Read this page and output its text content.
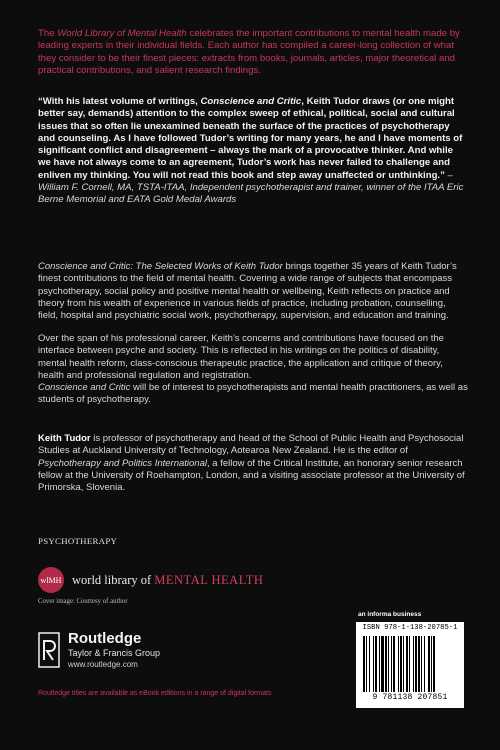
The World Library of Mental Health celebrates the important contributions to mental health made by leading experts in their individual fields. Each author has compiled a career-long collection of what they consider to be their finest pieces: extracts from books, journals, articles, major theoretical and practical contributions, and salient research findings.
“With his latest volume of writings, Conscience and Critic, Keith Tudor draws (or one might better say, demands) attention to the complex sweep of ethical, political, social and cultural issues that so often lie unexamined beneath the surface of the practices of psychotherapy and counseling. As I have followed Tudor’s writing for many years, he and I have moments of significant conflict and disagreement – always the mark of a provocative thinker. And while we have not always come to an agreement, Tudor’s work has never failed to challenge and enliven my thinking. You will not read this book and step away unaffected or unthinking.” – William F. Cornell, MA, TSTA-ITAA, Independent psychotherapist and trainer, winner of the ITAA Eric Berne Memorial and EATA Gold Medal Awards
Conscience and Critic: The Selected Works of Keith Tudor brings together 35 years of Keith Tudor’s finest contributions to the field of mental health. Covering a wide range of subjects that encompass psychotherapy, social policy and positive mental health or wellbeing, Keith reflects on practice and theory from his wealth of experience in various fields of practice, including probation, counselling, field, hospital and psychiatric social work, psychotherapy, supervision, and education and training.
Over the span of his professional career, Keith’s concerns and contributions have focused on the interface between psyche and society. This is reflected in his writings on the politics of disability, mental health reform, class-conscious therapeutic practice, the application and critique of theory, health and professional regulation and registration.
Conscience and Critic will be of interest to psychotherapists and mental health practitioners, as well as students of psychotherapy.
Keith Tudor is professor of psychotherapy and head of the School of Public Health and Psychosocial Studies at Auckland University of Technology, Aotearoa New Zealand. He is the editor of Psychotherapy and Politics International, a fellow of the Critical Institute, an honorary senior research fellow at the University of Roehampton, London, and a visiting associate professor at the University of Primorska, Slovenia.
PSYCHOTHERAPY
wlMH world library of MENTAL HEALTH
Cover image: Courtesy of author
Routledge
Taylor & Francis Group
www.routledge.com
Routledge titles are available as eBook editions in a range of digital formats
an informa business
ISBN 978-1-138-20785-1
9 781138 207851
